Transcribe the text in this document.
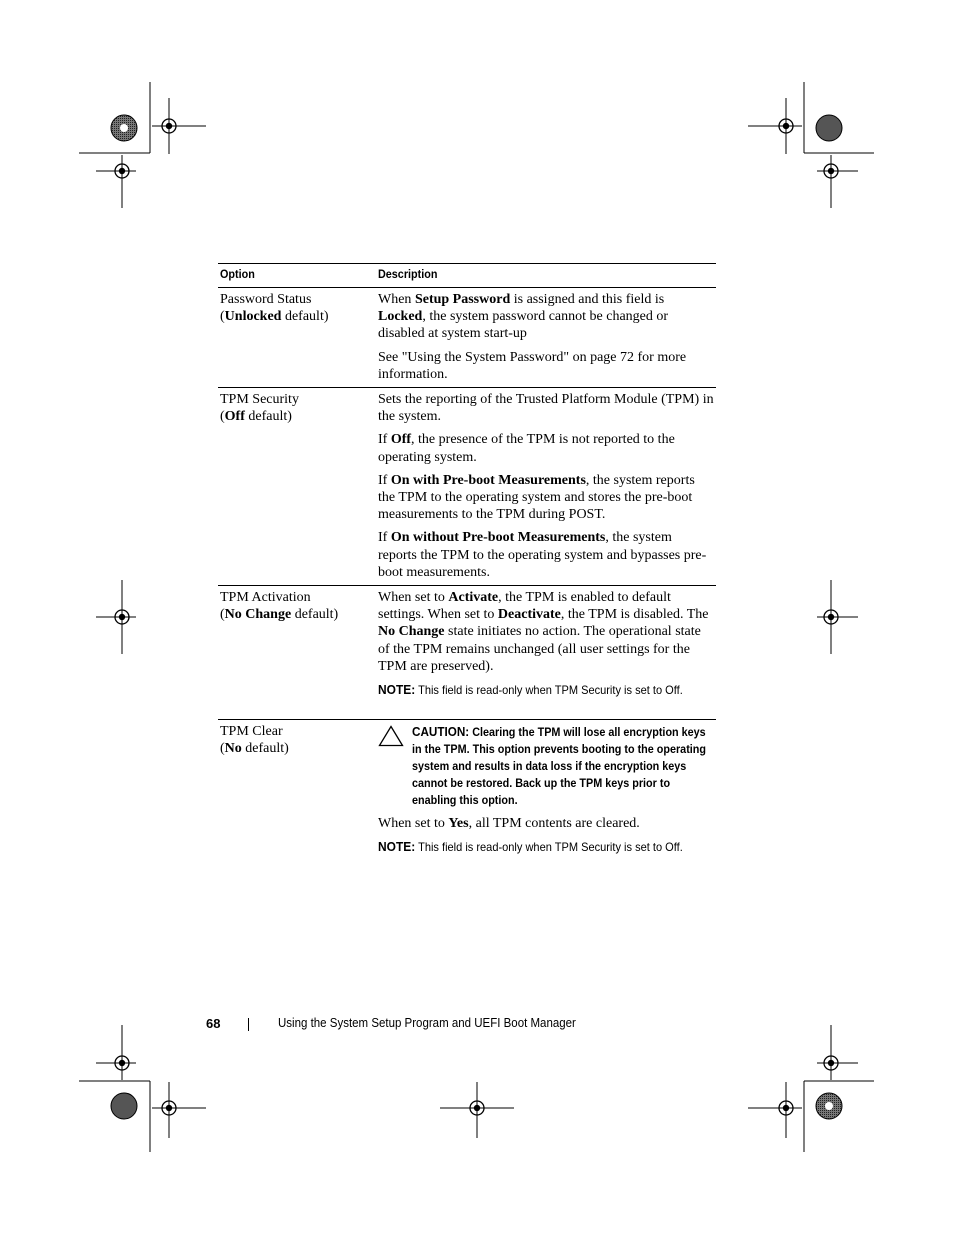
Option	Description
Password Status
(Unlocked default)

When Setup Password is assigned and this field is Locked, the system password cannot be changed or disabled at system start-up

See "Using the System Password" on page 72 for more information.

TPM Security
(Off default)

Sets the reporting of the Trusted Platform Module (TPM) in the system.

If Off, the presence of the TPM is not reported to the operating system.

If On with Pre-boot Measurements, the system reports the TPM to the operating system and stores the pre-boot measurements to the TPM during POST.

If On without Pre-boot Measurements, the system reports the TPM to the operating system and bypasses pre-boot measurements.

TPM Activation
(No Change default)

When set to Activate, the TPM is enabled to default settings. When set to Deactivate, the TPM is disabled. The No Change state initiates no action. The operational state of the TPM remains unchanged (all user settings for the TPM are preserved).

NOTE: This field is read-only when TPM Security is set to Off.
TPM Clear
(No default)
CAUTION: Clearing the TPM will lose all encryption keys in the TPM. This option prevents booting to the operating system and results in data loss if the encryption keys cannot be restored. Back up the TPM keys prior to enabling this option.

When set to Yes, all TPM contents are cleared.

NOTE: This field is read-only when TPM Security is set to Off.
68	Using the System Setup Program and UEFI Boot Manager
